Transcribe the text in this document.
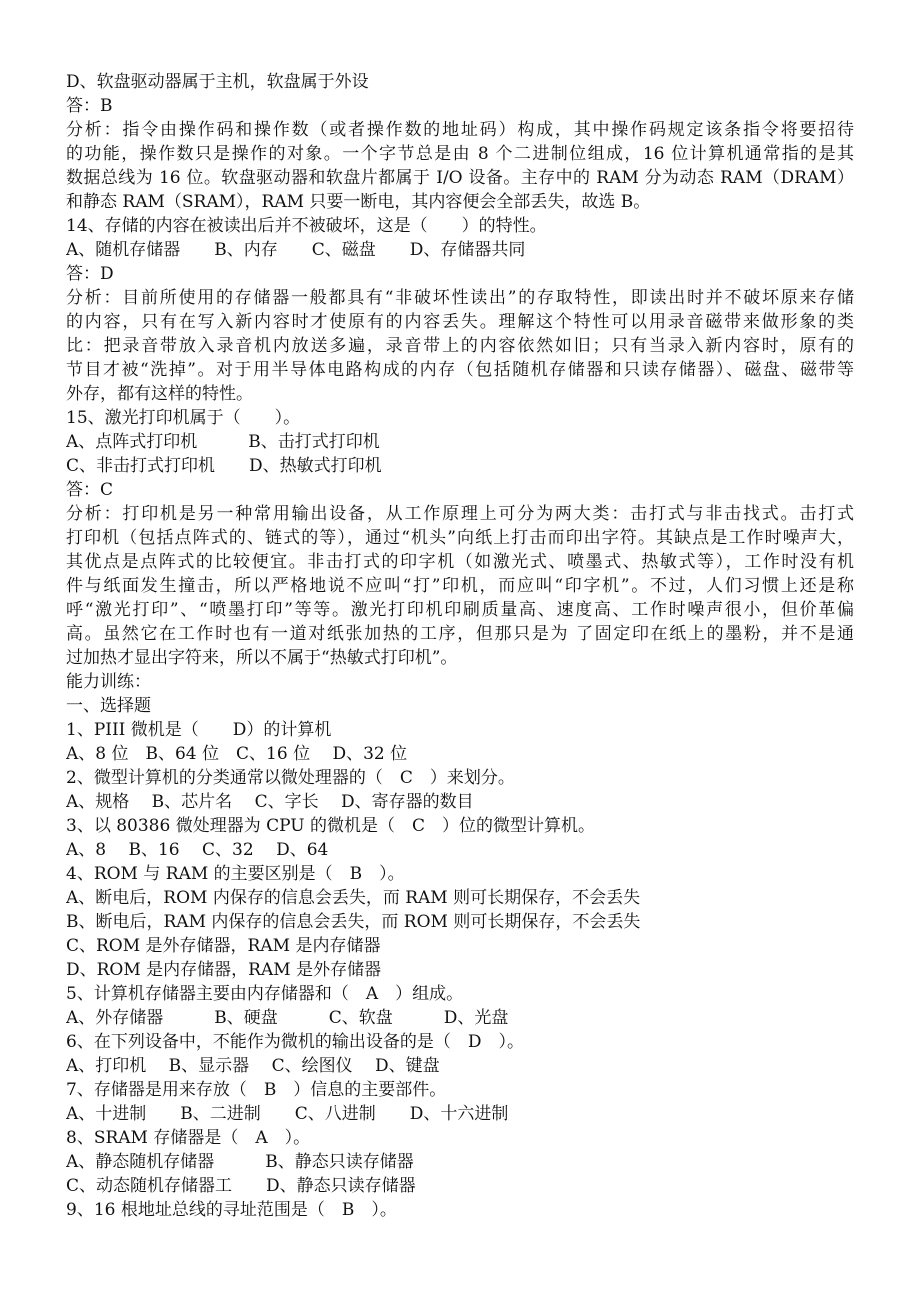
D、软盘驱动器属于主机，软盘属于外设
答：B
分析：指令由操作码和操作数（或者操作数的地址码）构成，其中操作码规定该条指令将要招待
的功能，操作数只是操作的对象。一个字节总是由 8 个二进制位组成，16 位计算机通常指的是其
数据总线为 16 位。软盘驱动器和软盘片都属于 I/O 设备。主存中的 RAM 分为动态 RAM（DRAM）
和静态 RAM（SRAM），RAM 只要一断电，其内容便会全部丢失，故选 B。
14、存储的内容在被读出后并不被破坏，这是（　　）的特性。
A、随机存储器　　B、内存　　C、磁盘　　D、存储器共同
答：D
分析：目前所使用的存储器一般都具有“非破坏性读出”的存取特性，即读出时并不破坏原来存储
的内容，只有在写入新内容时才使原有的内容丢失。理解这个特性可以用录音磁带来做形象的类
比：把录音带放入录音机内放送多遍，录音带上的内容依然如旧；只有当录入新内容时，原有的
节目才被“洗掉”。对于用半导体电路构成的内存（包括随机存储器和只读存储器）、磁盘、磁带等
外存，都有这样的特性。
15、激光打印机属于（　　）。
A、点阵式打印机　　　B、击打式打印机
C、非击打式打印机　　D、热敏式打印机
答：C
分析：打印机是另一种常用输出设备，从工作原理上可分为两大类：击打式与非击找式。击打式
打印机（包括点阵式的、链式的等），通过“机头”向纸上打击而印出字符。其缺点是工作时噪声大，
其优点是点阵式的比较便宜。非击打式的印字机（如激光式、喷墨式、热敏式等），工作时没有机
件与纸面发生撞击，所以严格地说不应叫“打”印机，而应叫“印字机”。不过，人们习惯上还是称
呼“激光打印”、“喷墨打印”等等。激光打印机印刷质量高、速度高、工作时噪声很小，但价革偏
高。虽然它在工作时也有一道对纸张加热的工序，但那只是为 了固定印在纸上的墨粉，并不是通
过加热才显出字符来，所以不属于“热敏式打印机”。
能力训练：
一、选择题
1、PIII 微机是（　　D）的计算机
A、8 位　B、64 位　C、16 位　 D、32 位
2、微型计算机的分类通常以微处理器的（　C　）来划分。
A、规格　 B、芯片名　 C、字长　 D、寄存器的数目
3、以 80386 微处理器为 CPU 的微机是（　C　）位的微型计算机。
A、8　 B、16　 C、32　 D、64
4、ROM 与 RAM 的主要区别是（　B　）。
A、断电后，ROM 内保存的信息会丢失，而 RAM 则可长期保存，不会丢失
B、断电后，RAM 内保存的信息会丢失，而 ROM 则可长期保存，不会丢失
C、ROM 是外存储器，RAM 是内存储器
D、ROM 是内存储器，RAM 是外存储器
5、计算机存储器主要由内存储器和（　A　）组成。
A、外存储器　　　B、硬盘　　　C、软盘　　　D、光盘
6、在下列设备中，不能作为微机的输出设备的是（　D　）。
A、打印机　 B、显示器　 C、绘图仪　 D、键盘
7、存储器是用来存放（　B　）信息的主要部件。
A、十进制　　B、二进制　　C、八进制　　D、十六进制
8、SRAM 存储器是（　A　）。
A、静态随机存储器　　　B、静态只读存储器
C、动态随机存储器工　　D、静态只读存储器
9、16 根地址总线的寻址范围是（　B　）。
